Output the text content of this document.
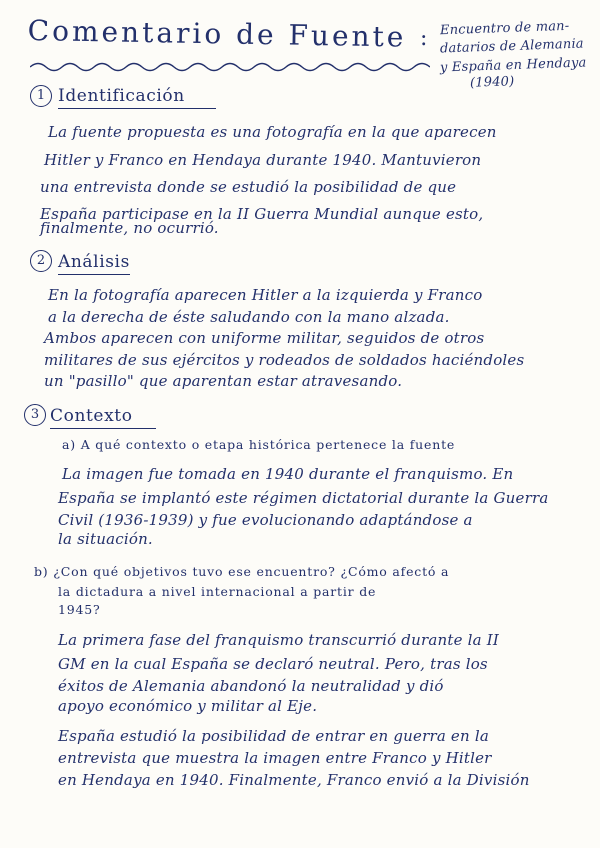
Comentario de Fuente : Encuentro de man-
datarios de Alemania
y España en Hendaya
(1940)
1 Identificación
La fuente propuesta es una fotografía en la que aparecen
Hitler y Franco en Hendaya durante 1940. Mantuvieron
una entrevista donde se estudió la posibilidad de que
España participase en la II Guerra Mundial aunque esto,
finalmente, no ocurrió.
2 Análisis
En la fotografía aparecen Hitler a la izquierda y Franco
a la derecha de éste saludando con la mano alzada.
Ambos aparecen con uniforme militar, seguidos de otros
militares de sus ejércitos y rodeados de soldados haciéndoles
un "pasillo" que aparentan estar atravesando.
3 Contexto
a) A qué contexto o etapa histórica pertenece la fuente
La imagen fue tomada en 1940 durante el franquismo. En
España se implantó este régimen dictatorial durante la Guerra
Civil (1936-1939) y fue evolucionando adaptándose a
la situación.
b) ¿Con qué objetivos tuvo ese encuentro? ¿Cómo afectó a
la dictadura a nivel internacional a partir de
1945?
La primera fase del franquismo transcurrió durante la II
GM en la cual España se declaró neutral. Pero, tras los
éxitos de Alemania abandonó la neutralidad y dió
apoyo económico y militar al Eje.
España estudió la posibilidad de entrar en guerra en la
entrevista que muestra la imagen entre Franco y Hitler
en Hendaya en 1940. Finalmente, Franco envió a la División
